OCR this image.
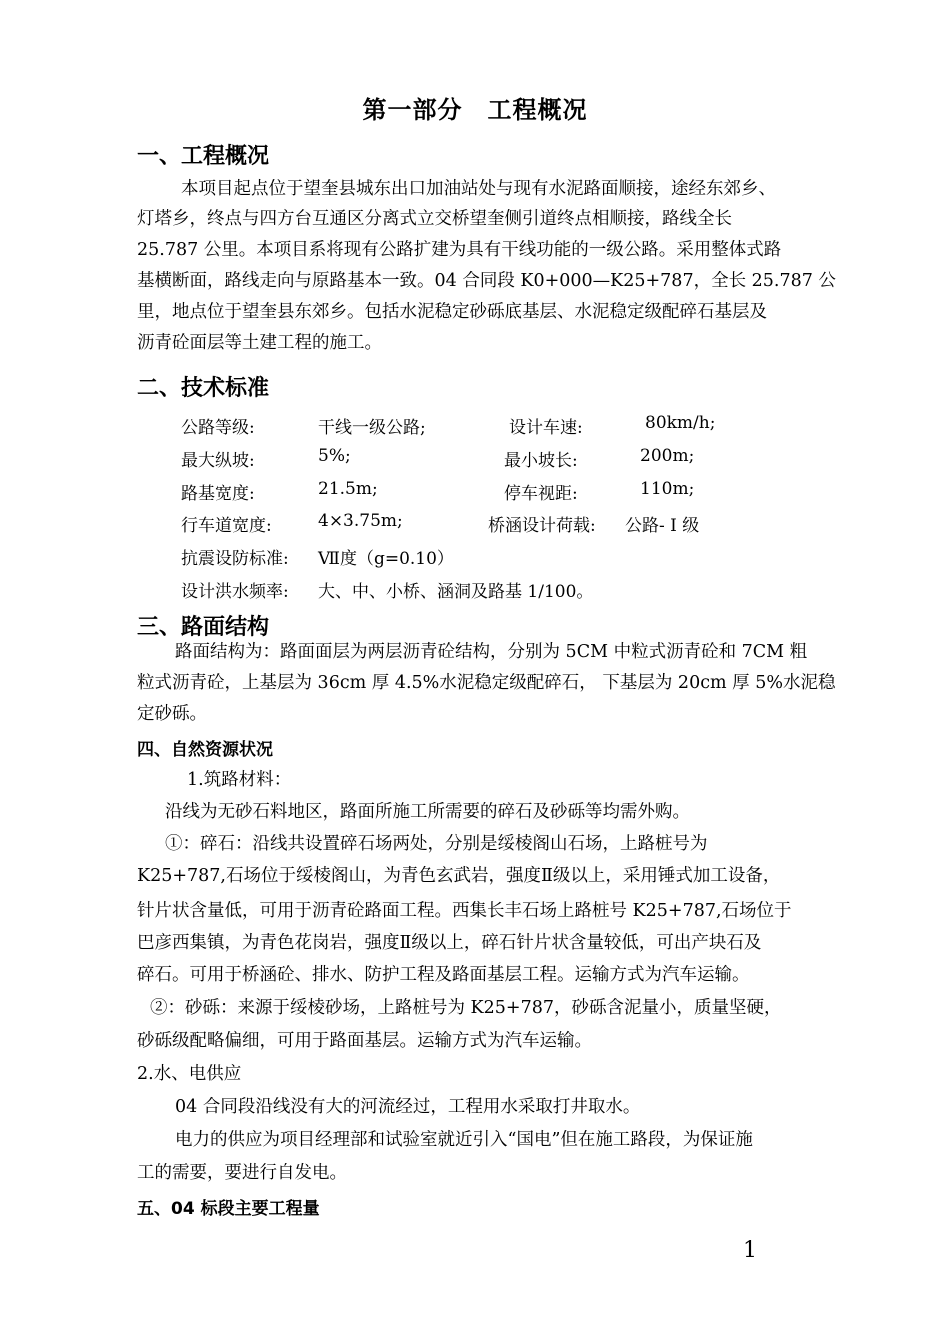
第一部分　工程概况
一、工程概况
本项目起点位于望奎县城东出口加油站处与现有水泥路面顺接，途经东郊乡、
灯塔乡，终点与四方台互通区分离式立交桥望奎侧引道终点相顺接，路线全长
25.787 公里。本项目系将现有公路扩建为具有干线功能的一级公路。采用整体式路
基横断面，路线走向与原路基本一致。04 合同段 K0+000—K25+787，全长 25.787 公
里，地点位于望奎县东郊乡。包括水泥稳定砂砾底基层、水泥稳定级配碎石基层及
沥青砼面层等土建工程的施工。
二、技术标准
公路等级:	干线一级公路;	设计车速:	80km/h;
最大纵坡:	5%;	最小坡长:	200m;
路基宽度:	21.5m;	停车视距:	110m;
行车道宽度:	4×3.75m;	桥涵设计荷载: 公路- Ⅰ 级
抗震设防标准: Ⅶ度（g=0.10）
设计洪水频率: 大、中、小桥、涵洞及路基 1/100。
三、路面结构
路面结构为：路面面层为两层沥青砼结构，分别为 5CM 中粒式沥青砼和 7CM 粗
粒式沥青砼，上基层为 36cm 厚 4.5%水泥稳定级配碎石， 下基层为 20cm 厚 5%水泥稳
定砂砾。
四、自然资源状况
1.筑路材料：
沿线为无砂石料地区，路面所施工所需要的碎石及砂砾等均需外购。
①：碎石：沿线共设置碎石场两处，分别是绥棱阁山石场，上路桩号为
K25+787,石场位于绥棱阁山，为青色玄武岩，强度Ⅱ级以上，采用锤式加工设备，
针片状含量低，可用于沥青砼路面工程。西集长丰石场上路桩号 K25+787,石场位于
巴彦西集镇，为青色花岗岩，强度Ⅱ级以上，碎石针片状含量较低，可出产块石及
碎石。可用于桥涵砼、排水、防护工程及路面基层工程。运输方式为汽车运输。
②：砂砾：来源于绥棱砂场，上路桩号为 K25+787，砂砾含泥量小，质量坚硬，
砂砾级配略偏细，可用于路面基层。运输方式为汽车运输。
2.水、电供应
04 合同段沿线没有大的河流经过，工程用水采取打井取水。
电力的供应为项目经理部和试验室就近引入“国电”但在施工路段，为保证施
工的需要，要进行自发电。
五、04 标段主要工程量
1
